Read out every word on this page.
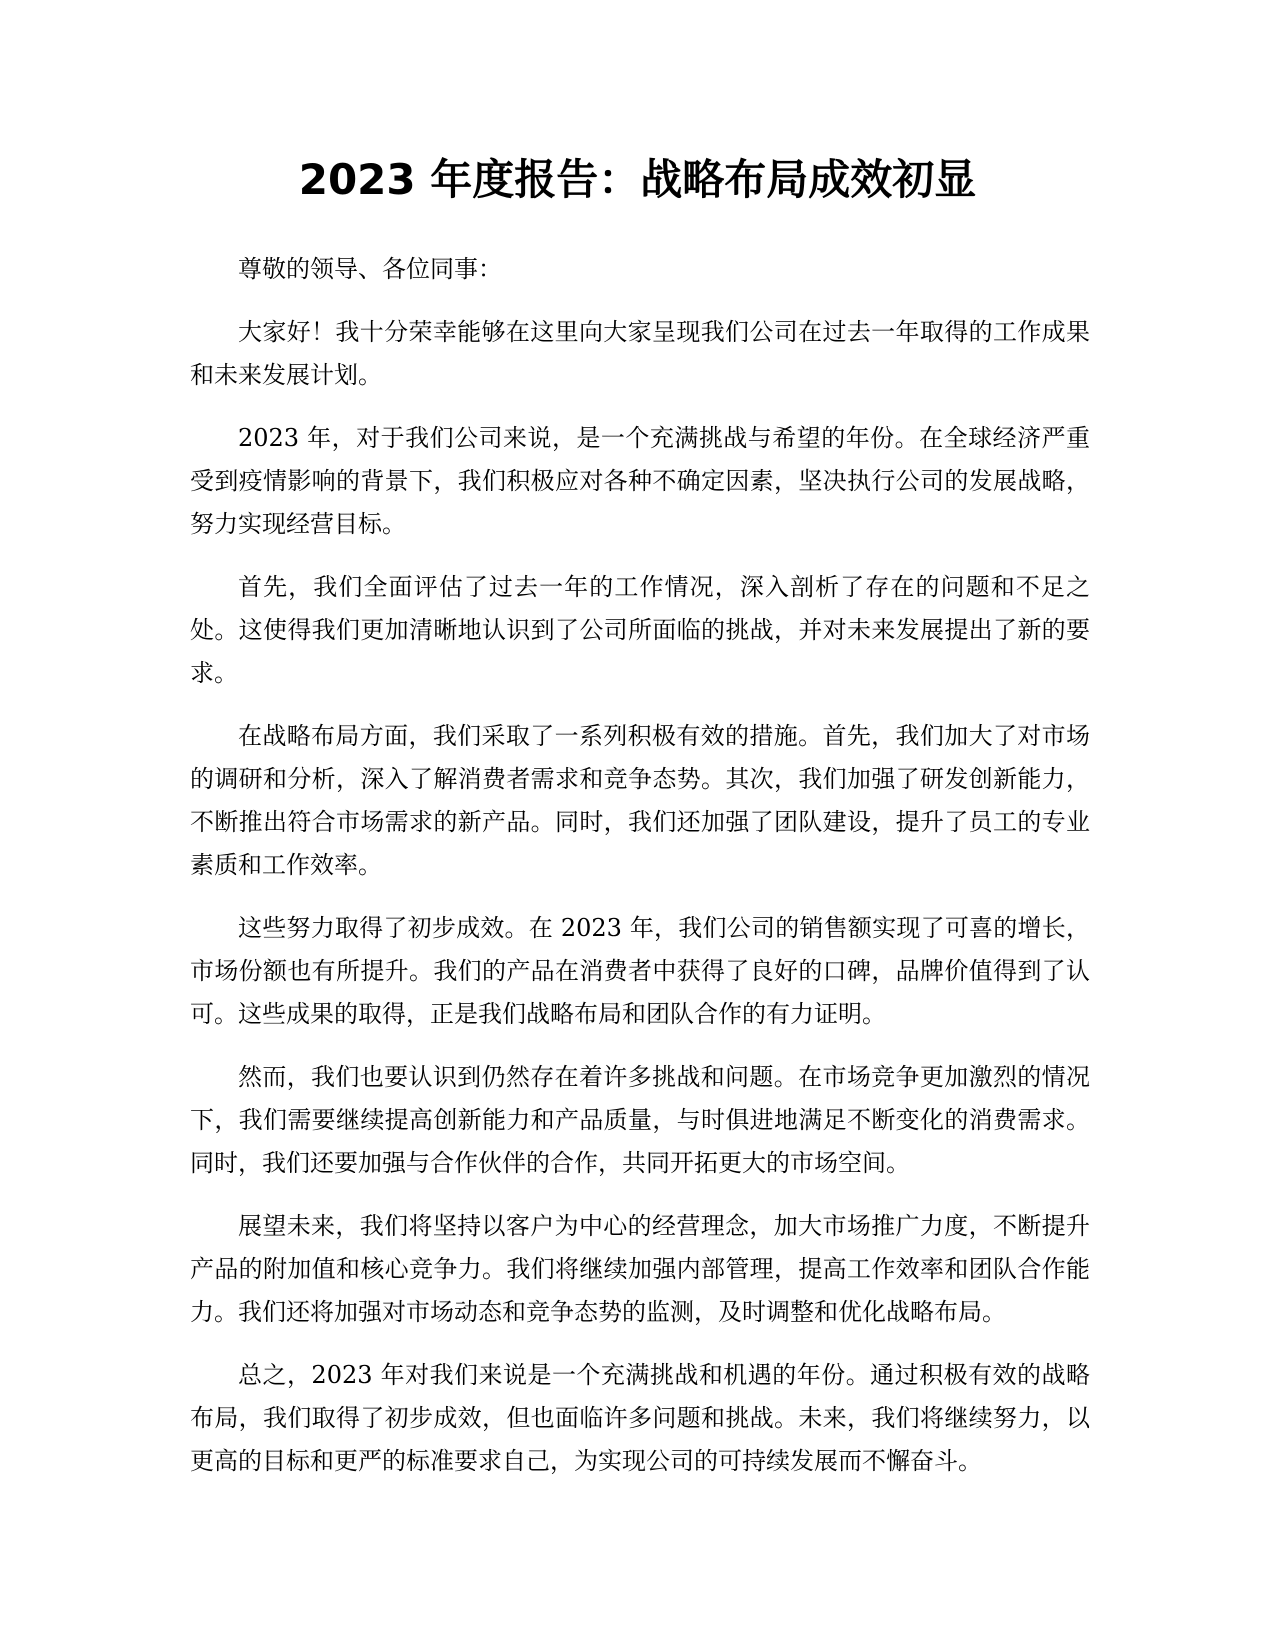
2023 年度报告：战略布局成效初显

尊敬的领导、各位同事：

大家好！我十分荣幸能够在这里向大家呈现我们公司在过去一年取得的工作成果和未来发展计划。

2023 年，对于我们公司来说，是一个充满挑战与希望的年份。在全球经济严重受到疫情影响的背景下，我们积极应对各种不确定因素，坚决执行公司的发展战略，努力实现经营目标。

首先，我们全面评估了过去一年的工作情况，深入剖析了存在的问题和不足之处。这使得我们更加清晰地认识到了公司所面临的挑战，并对未来发展提出了新的要求。

在战略布局方面，我们采取了一系列积极有效的措施。首先，我们加大了对市场的调研和分析，深入了解消费者需求和竞争态势。其次，我们加强了研发创新能力，不断推出符合市场需求的新产品。同时，我们还加强了团队建设，提升了员工的专业素质和工作效率。

这些努力取得了初步成效。在 2023 年，我们公司的销售额实现了可喜的增长，市场份额也有所提升。我们的产品在消费者中获得了良好的口碑，品牌价值得到了认可。这些成果的取得，正是我们战略布局和团队合作的有力证明。

然而，我们也要认识到仍然存在着许多挑战和问题。在市场竞争更加激烈的情况下，我们需要继续提高创新能力和产品质量，与时俱进地满足不断变化的消费需求。同时，我们还要加强与合作伙伴的合作，共同开拓更大的市场空间。

展望未来，我们将坚持以客户为中心的经营理念，加大市场推广力度，不断提升产品的附加值和核心竞争力。我们将继续加强内部管理，提高工作效率和团队合作能力。我们还将加强对市场动态和竞争态势的监测，及时调整和优化战略布局。

总之，2023 年对我们来说是一个充满挑战和机遇的年份。通过积极有效的战略布局，我们取得了初步成效，但也面临许多问题和挑战。未来，我们将继续努力，以更高的目标和更严的标准要求自己，为实现公司的可持续发展而不懈奋斗。
